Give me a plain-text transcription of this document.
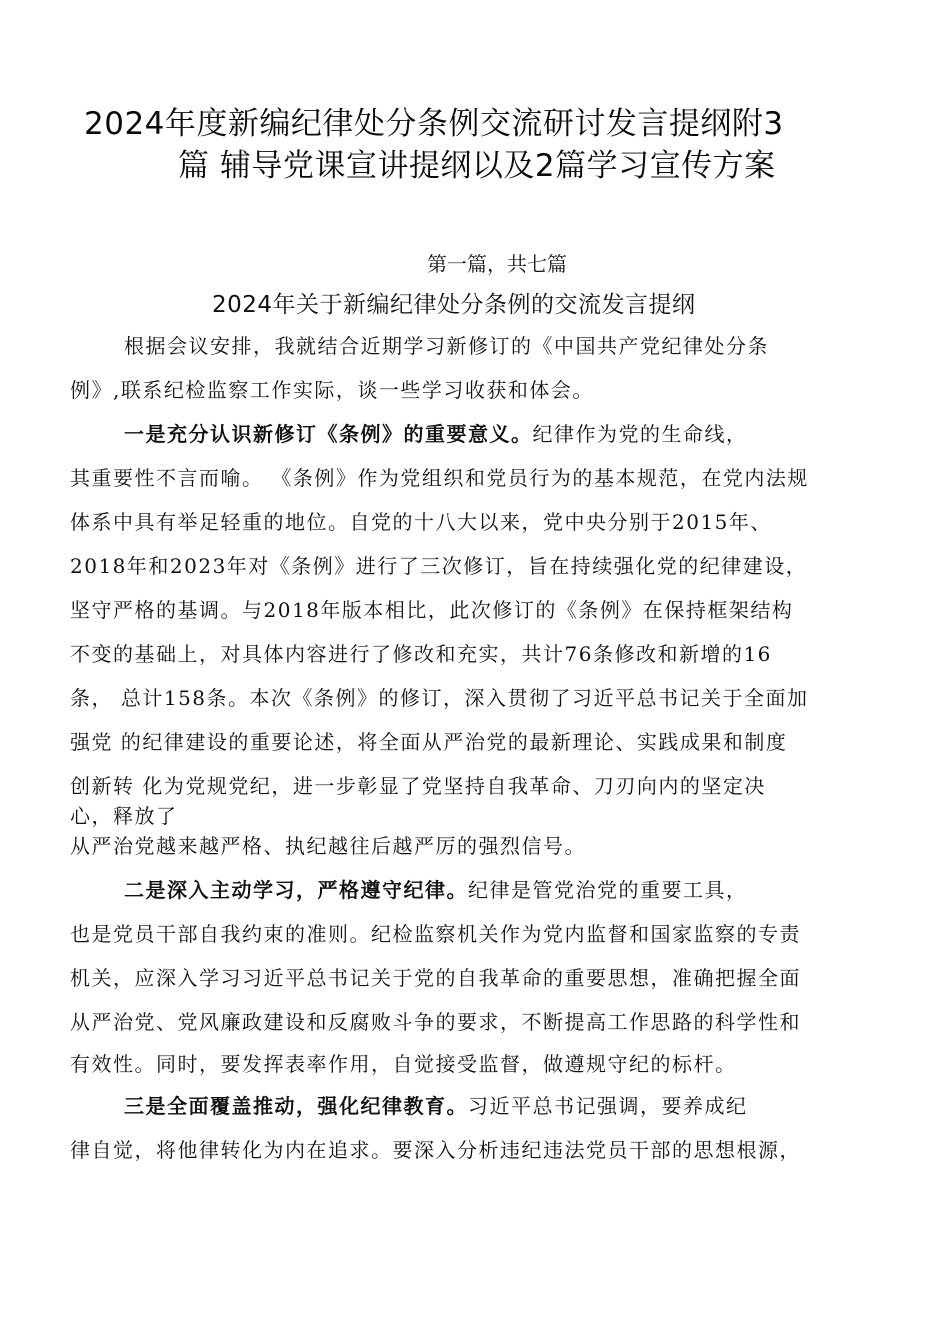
2024年度新编纪律处分条例交流研讨发言提纲附3
篇 辅导党课宣讲提纲以及2篇学习宣传方案
第一篇，共七篇
2024年关于新编纪律处分条例的交流发言提纲
根据会议安排，我就结合近期学习新修订的《中国共产党纪律处分条
例》,联系纪检监察工作实际，谈一些学习收获和体会。
一是充分认识新修订《条例》的重要意义。纪律作为党的生命线，
其重要性不言而喻。 《条例》作为党组织和党员行为的基本规范，在党内法规
体系中具有举足轻重的地位。自党的十八大以来，党中央分别于2015年、
2018年和2023年对《条例》进行了三次修订，旨在持续强化党的纪律建设，
坚守严格的基调。与2018年版本相比，此次修订的《条例》在保持框架结构
不变的基础上，对具体内容进行了修改和充实，共计76条修改和新增的16
条， 总计158条。本次《条例》的修订，深入贯彻了习近平总书记关于全面加
强党 的纪律建设的重要论述，将全面从严治党的最新理论、实践成果和制度
创新转 化为党规党纪，进一步彰显了党坚持自我革命、刀刃向内的坚定决
心，释放了
从严治党越来越严格、执纪越往后越严厉的强烈信号。
二是深入主动学习，严格遵守纪律。纪律是管党治党的重要工具，
也是党员干部自我约束的准则。纪检监察机关作为党内监督和国家监察的专责
机关，应深入学习习近平总书记关于党的自我革命的重要思想，准确把握全面
从严治党、党风廉政建设和反腐败斗争的要求，不断提高工作思路的科学性和
有效性。同时，要发挥表率作用，自觉接受监督，做遵规守纪的标杆。
三是全面覆盖推动，强化纪律教育。习近平总书记强调，要养成纪
律自觉，将他律转化为内在追求。要深入分析违纪违法党员干部的思想根源，
